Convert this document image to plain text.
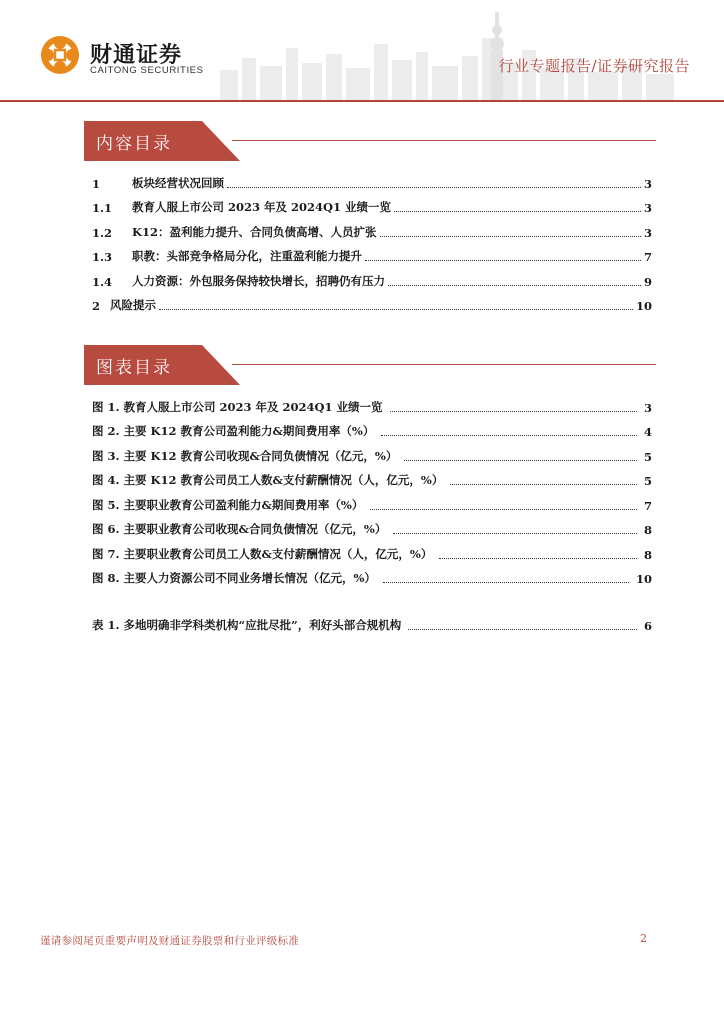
财通证券
CAITONG SECURITIES	行业专题报告/证券研究报告
内容目录
1	板块经营状况回顾	3
1.1	教育人服上市公司 2023 年及 2024Q1 业绩一览	3
1.2	K12：盈利能力提升、合同负债高增、人员扩张	3
1.3	职教：头部竞争格局分化，注重盈利能力提升	7
1.4	人力资源：外包服务保持较快增长，招聘仍有压力	9
2 风险提示	10
图表目录
图 1. 教育人服上市公司 2023 年及 2024Q1 业绩一览	3
图 2. 主要 K12 教育公司盈利能力&期间费用率（%）	4
图 3. 主要 K12 教育公司收现&合同负债情况（亿元，%）	5
图 4. 主要 K12 教育公司员工人数&支付薪酬情况（人，亿元，%）	5
图 5. 主要职业教育公司盈利能力&期间费用率（%）	7
图 6. 主要职业教育公司收现&合同负债情况（亿元，%）	8
图 7. 主要职业教育公司员工人数&支付薪酬情况（人，亿元，%）	8
图 8. 主要人力资源公司不同业务增长情况（亿元，%）	10
表 1. 多地明确非学科类机构“应批尽批”，利好头部合规机构	6
谨请参阅尾页重要声明及财通证券股票和行业评级标准	2
